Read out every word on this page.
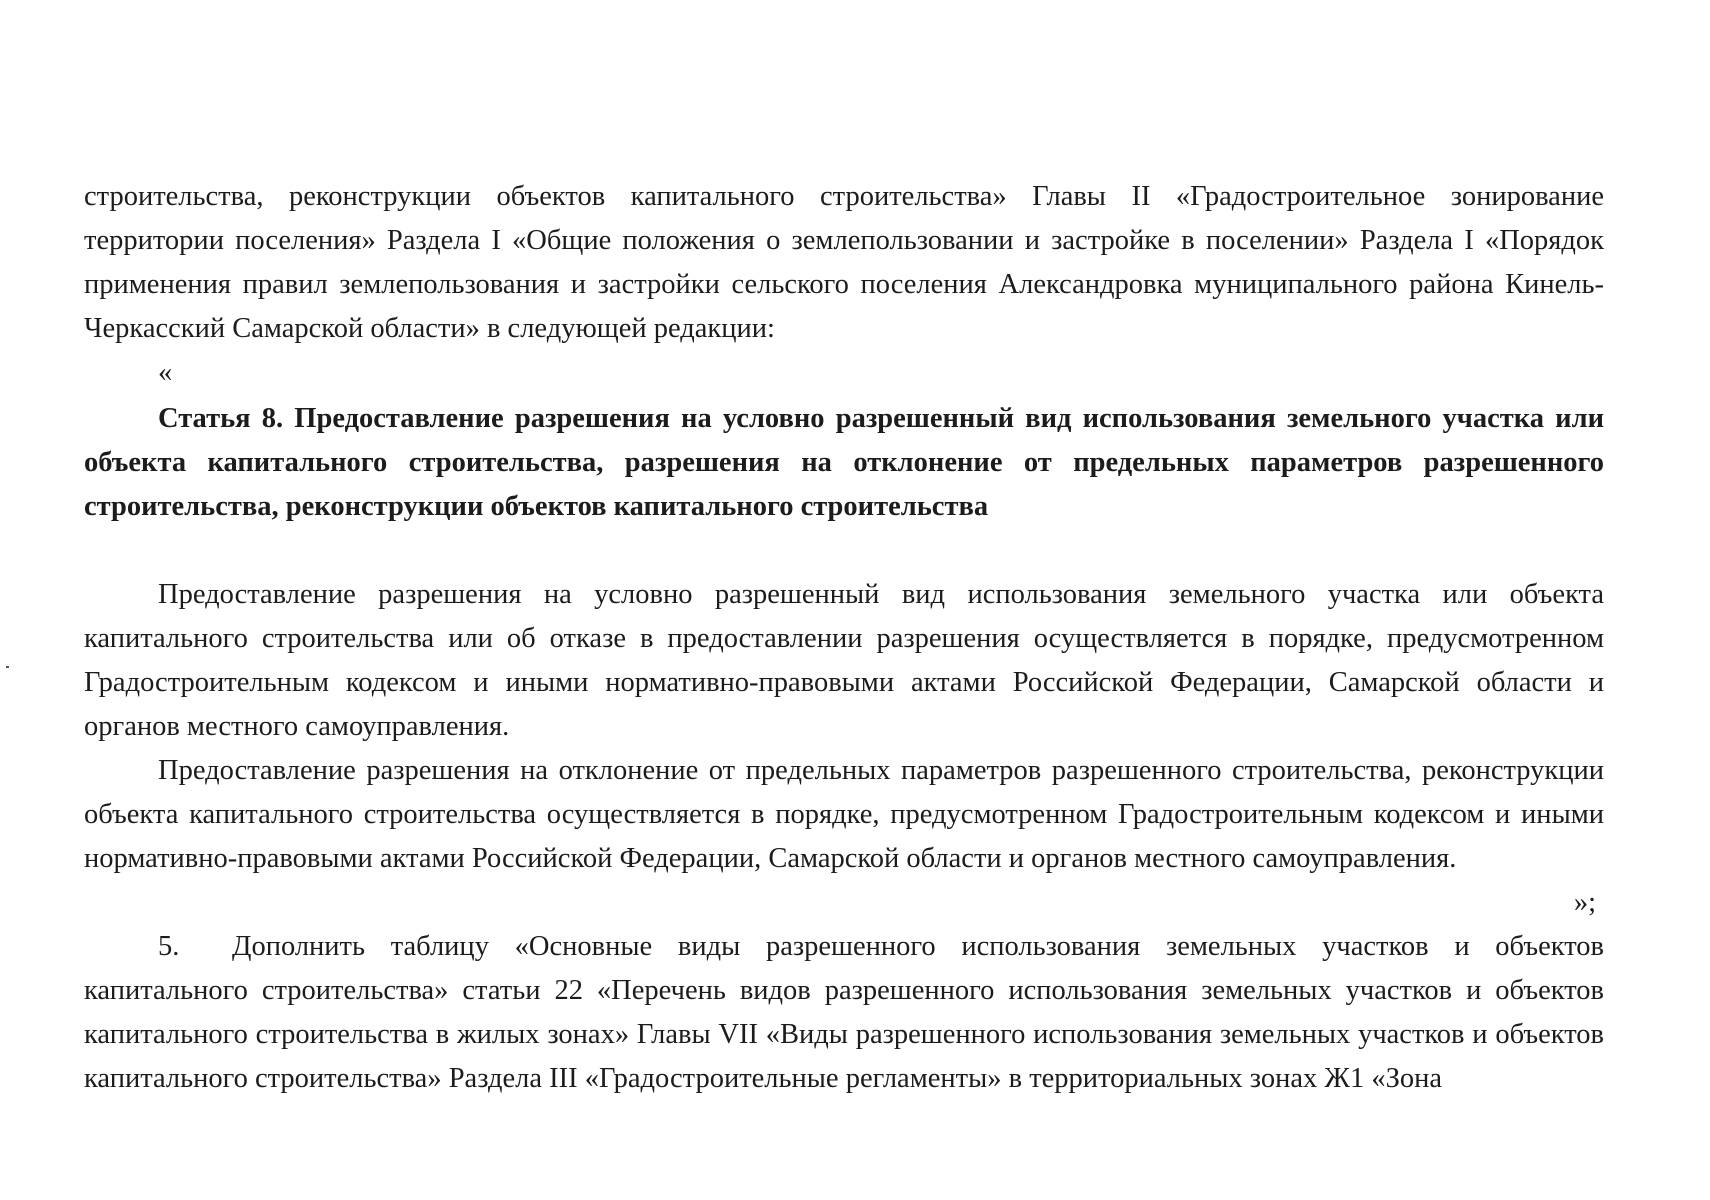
строительства, реконструкции объектов капитального строительства» Главы II «Градостроительное зонирование территории поселения» Раздела I «Общие положения о землепользовании и застройке в поселении» Раздела I «Порядок применения правил землепользования и застройки сельского поселения Александровка муниципального района Кинель-Черкасский Самарской области» в следующей редакции:

«

Статья 8. Предоставление разрешения на условно разрешенный вид использования земельного участка или объекта капитального строительства, разрешения на отклонение от предельных параметров разрешенного строительства, реконструкции объектов капитального строительства

Предоставление разрешения на условно разрешенный вид использования земельного участка или объекта капитального строительства или об отказе в предоставлении разрешения осуществляется в порядке, предусмотренном Градостроительным кодексом и иными нормативно-правовыми актами Российской Федерации, Самарской области и органов местного самоуправления.

Предоставление разрешения на отклонение от предельных параметров разрешенного строительства, реконструкции объекта капитального строительства осуществляется в порядке, предусмотренном Градостроительным кодексом и иными нормативно-правовыми актами Российской Федерации, Самарской области и органов местного самоуправления.

»;

5. Дополнить таблицу «Основные виды разрешенного использования земельных участков и объектов капитального строительства» статьи 22 «Перечень видов разрешенного использования земельных участков и объектов капитального строительства в жилых зонах» Главы VII «Виды разрешенного использования земельных участков и объектов капитального строительства» Раздела III «Градостроительные регламенты» в территориальных зонах Ж1 «Зона
